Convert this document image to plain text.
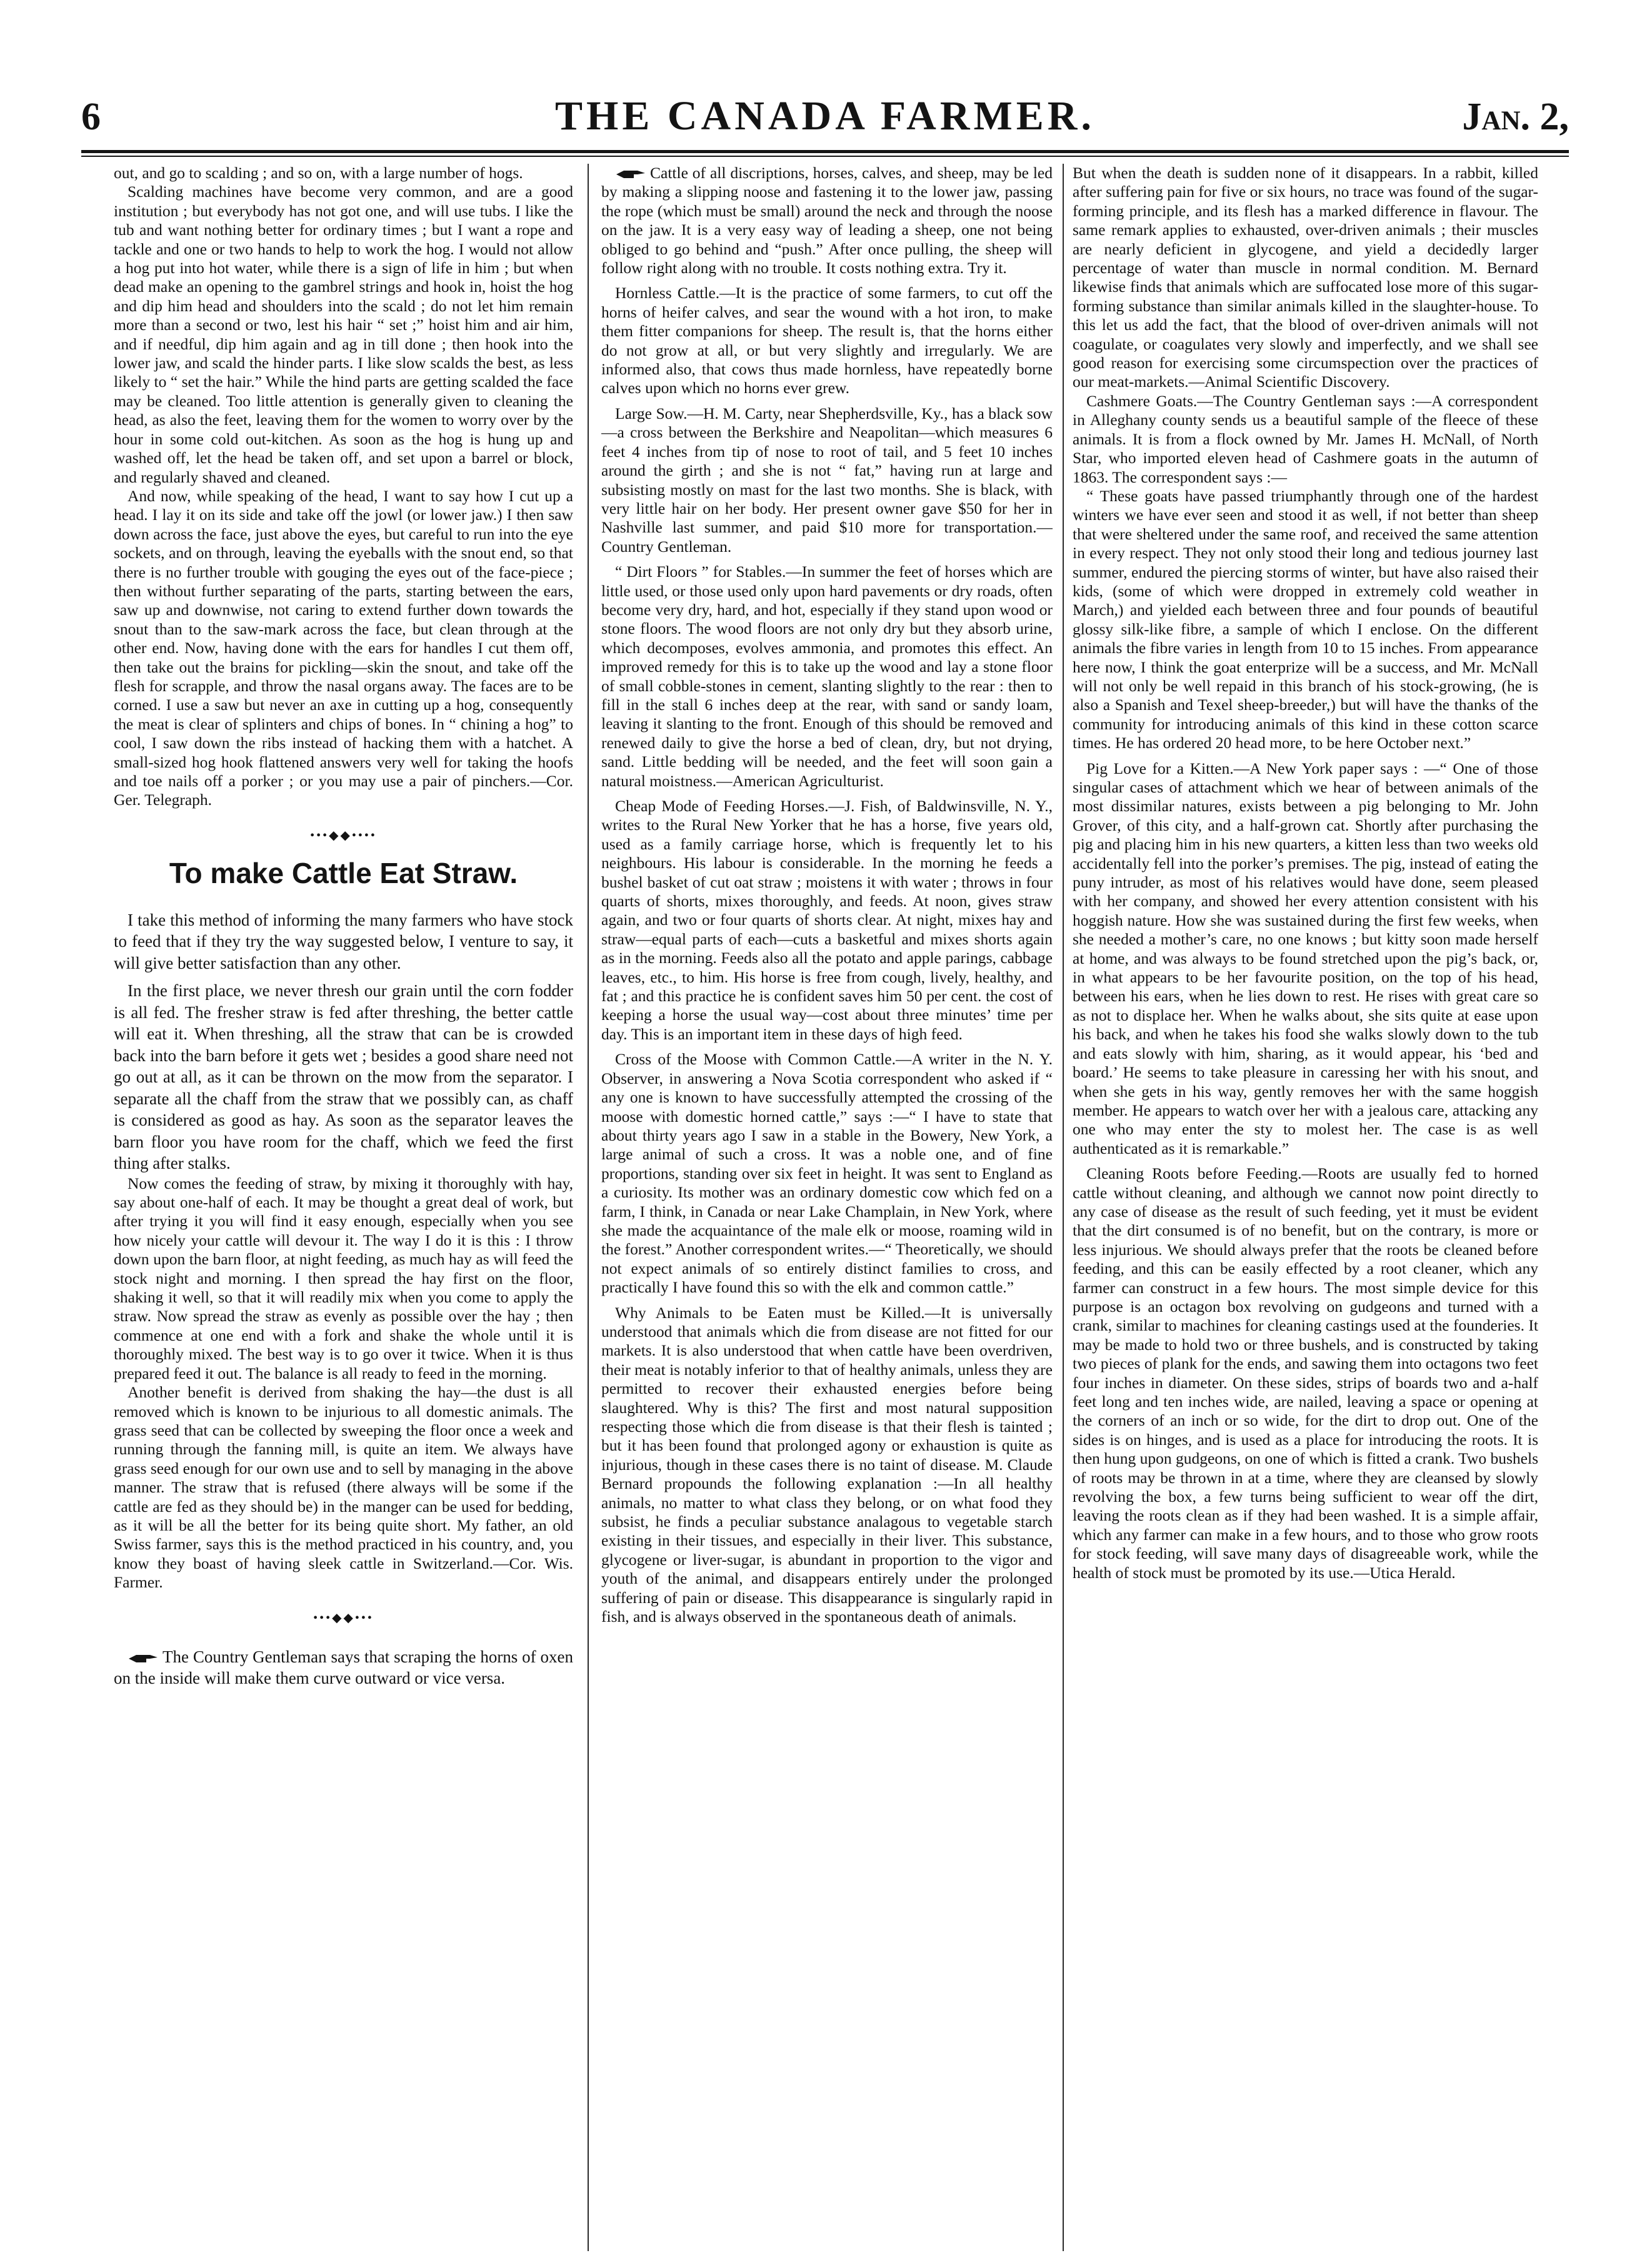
6	THE CANADA FARMER.	Jan. 2,

out, and go to scalding ; and so on, with a large number of hogs.

Scalding machines have become very common, and are a good institution ; but everybody has not got one, and will use tubs. I like the tub and want nothing better for ordinary times ; but I want a rope and tackle and one or two hands to help to work the hog. I would not allow a hog put into hot water, while there is a sign of life in him ; but when dead make an opening to the gambrel strings and hook in, hoist the hog and dip him head and shoulders into the scald ; do not let him remain more than a second or two, lest his hair “ set ;” hoist him and air him, and if needful, dip him again and ag in till done ; then hook into the lower jaw, and scald the hinder parts. I like slow scalds the best, as less likely to “ set the hair.” While the hind parts are getting scalded the face may be cleaned. Too little attention is generally given to cleaning the head, as also the feet, leaving them for the women to worry over by the hour in some cold out-kitchen. As soon as the hog is hung up and washed off, let the head be taken off, and set upon a barrel or block, and regularly shaved and cleaned.

And now, while speaking of the head, I want to say how I cut up a head. I lay it on its side and take off the jowl (or lower jaw.) I then saw down across the face, just above the eyes, but careful to run into the eye sockets, and on through, leaving the eyeballs with the snout end, so that there is no further trouble with gouging the eyes out of the face-piece ; then without further separating of the parts, starting between the ears, saw up and downwise, not caring to extend further down towards the snout than to the saw-mark across the face, but clean through at the other end. Now, having done with the ears for handles I cut them off, then take out the brains for pickling—skin the snout, and take off the flesh for scrapple, and throw the nasal organs away. The faces are to be corned. I use a saw but never an axe in cutting up a hog, consequently the meat is clear of splinters and chips of bones. In “ chining a hog” to cool, I saw down the ribs instead of hacking them with a hatchet. A small-sized hog hook flattened answers very well for taking the hoofs and toe nails off a porker ; or you may use a pair of pinchers.—Cor. Ger. Telegraph.

•••◆◆••••
To make Cattle Eat Straw.

I take this method of informing the many farmers who have stock to feed that if they try the way suggested below, I venture to say, it will give better satisfaction than any other.

In the first place, we never thresh our grain until the corn fodder is all fed. The fresher straw is fed after threshing, the better cattle will eat it. When threshing, all the straw that can be is crowded back into the barn before it gets wet ; besides a good share need not go out at all, as it can be thrown on the mow from the separator. I separate all the chaff from the straw that we possibly can, as chaff is considered as good as hay. As soon as the separator leaves the barn floor you have room for the chaff, which we feed the first thing after stalks.

Now comes the feeding of straw, by mixing it thoroughly with hay, say about one-half of each. It may be thought a great deal of work, but after trying it you will find it easy enough, especially when you see how nicely your cattle will devour it. The way I do it is this : I throw down upon the barn floor, at night feeding, as much hay as will feed the stock night and morning. I then spread the hay first on the floor, shaking it well, so that it will readily mix when you come to apply the straw. Now spread the straw as evenly as possible over the hay ; then commence at one end with a fork and shake the whole until it is thoroughly mixed. The best way is to go over it twice. When it is thus prepared feed it out. The balance is all ready to feed in the morning.

Another benefit is derived from shaking the hay—the dust is all removed which is known to be injurious to all domestic animals. The grass seed that can be collected by sweeping the floor once a week and running through the fanning mill, is quite an item. We always have grass seed enough for our own use and to sell by managing in the above manner. The straw that is refused (there always will be some if the cattle are fed as they should be) in the manger can be used for bedding, as it will be all the better for its being quite short. My father, an old Swiss farmer, says this is the method practiced in his country, and, you know they boast of having sleek cattle in Switzerland.—Cor. Wis. Farmer.

•••◆◆•••

The Country Gentleman says that scraping the horns of oxen on the inside will make them curve outward or vice versa.

Cattle of all discriptions, horses, calves, and sheep, may be led by making a slipping noose and fastening it to the lower jaw, passing the rope (which must be small) around the neck and through the noose on the jaw. It is a very easy way of leading a sheep, one not being obliged to go behind and “push.” After once pulling, the sheep will follow right along with no trouble. It costs nothing extra. Try it.

Hornless Cattle.—It is the practice of some farmers, to cut off the horns of heifer calves, and sear the wound with a hot iron, to make them fitter companions for sheep. The result is, that the horns either do not grow at all, or but very slightly and irregularly. We are informed also, that cows thus made hornless, have repeatedly borne calves upon which no horns ever grew.

Large Sow.—H. M. Carty, near Shepherdsville, Ky., has a black sow—a cross between the Berkshire and Neapolitan—which measures 6 feet 4 inches from tip of nose to root of tail, and 5 feet 10 inches around the girth ; and she is not “ fat,” having run at large and subsisting mostly on mast for the last two months. She is black, with very little hair on her body. Her present owner gave $50 for her in Nashville last summer, and paid $10 more for transportation.—Country Gentleman.

“ Dirt Floors ” for Stables.—In summer the feet of horses which are little used, or those used only upon hard pavements or dry roads, often become very dry, hard, and hot, especially if they stand upon wood or stone floors. The wood floors are not only dry but they absorb urine, which decomposes, evolves ammonia, and promotes this effect. An improved remedy for this is to take up the wood and lay a stone floor of small cobble-stones in cement, slanting slightly to the rear : then to fill in the stall 6 inches deep at the rear, with sand or sandy loam, leaving it slanting to the front. Enough of this should be removed and renewed daily to give the horse a bed of clean, dry, but not drying, sand. Little bedding will be needed, and the feet will soon gain a natural moistness.—American Agriculturist.

Cheap Mode of Feeding Horses.—J. Fish, of Baldwinsville, N. Y., writes to the Rural New Yorker that he has a horse, five years old, used as a family carriage horse, which is frequently let to his neighbours. His labour is considerable. In the morning he feeds a bushel basket of cut oat straw ; moistens it with water ; throws in four quarts of shorts, mixes thoroughly, and feeds. At noon, gives straw again, and two or four quarts of shorts clear. At night, mixes hay and straw—equal parts of each—cuts a basketful and mixes shorts again as in the morning. Feeds also all the potato and apple parings, cabbage leaves, etc., to him. His horse is free from cough, lively, healthy, and fat ; and this practice he is confident saves him 50 per cent. the cost of keeping a horse the usual way—cost about three minutes’ time per day. This is an important item in these days of high feed.

Cross of the Moose with Common Cattle.—A writer in the N. Y. Observer, in answering a Nova Scotia correspondent who asked if “ any one is known to have successfully attempted the crossing of the moose with domestic horned cattle,” says :—“ I have to state that about thirty years ago I saw in a stable in the Bowery, New York, a large animal of such a cross. It was a noble one, and of fine proportions, standing over six feet in height. It was sent to England as a curiosity. Its mother was an ordinary domestic cow which fed on a farm, I think, in Canada or near Lake Champlain, in New York, where she made the acquaintance of the male elk or moose, roaming wild in the forest.” Another correspondent writes.—“ Theoretically, we should not expect animals of so entirely distinct families to cross, and practically I have found this so with the elk and common cattle.”

Why Animals to be Eaten must be Killed.—It is universally understood that animals which die from disease are not fitted for our markets. It is also understood that when cattle have been overdriven, their meat is notably inferior to that of healthy animals, unless they are permitted to recover their exhausted energies before being slaughtered. Why is this? The first and most natural supposition respecting those which die from disease is that their flesh is tainted ; but it has been found that prolonged agony or exhaustion is quite as injurious, though in these cases there is no taint of disease. M. Claude Bernard propounds the following explanation :—In all healthy animals, no matter to what class they belong, or on what food they subsist, he finds a peculiar substance analagous to vegetable starch existing in their tissues, and especially in their liver. This substance, glycogene or liver-sugar, is abundant in proportion to the vigor and youth of the animal, and disappears entirely under the prolonged suffering of pain or disease. This disappearance is singularly rapid in fish, and is always observed in the spontaneous death of animals.

But when the death is sudden none of it disappears. In a rabbit, killed after suffering pain for five or six hours, no trace was found of the sugar-forming principle, and its flesh has a marked difference in flavour. The same remark applies to exhausted, over-driven animals ; their muscles are nearly deficient in glycogene, and yield a decidedly larger percentage of water than muscle in normal condition. M. Bernard likewise finds that animals which are suffocated lose more of this sugar-forming substance than similar animals killed in the slaughter-house. To this let us add the fact, that the blood of over-driven animals will not coagulate, or coagulates very slowly and imperfectly, and we shall see good reason for exercising some circumspection over the practices of our meat-markets.—Animal Scientific Discovery.

Cashmere Goats.—The Country Gentleman says :—A correspondent in Alleghany county sends us a beautiful sample of the fleece of these animals. It is from a flock owned by Mr. James H. McNall, of North Star, who imported eleven head of Cashmere goats in the autumn of 1863. The correspondent says :—

“ These goats have passed triumphantly through one of the hardest winters we have ever seen and stood it as well, if not better than sheep that were sheltered under the same roof, and received the same attention in every respect. They not only stood their long and tedious journey last summer, endured the piercing storms of winter, but have also raised their kids, (some of which were dropped in extremely cold weather in March,) and yielded each between three and four pounds of beautiful glossy silk-like fibre, a sample of which I enclose. On the different animals the fibre varies in length from 10 to 15 inches. From appearance here now, I think the goat enterprize will be a success, and Mr. McNall will not only be well repaid in this branch of his stock-growing, (he is also a Spanish and Texel sheep-breeder,) but will have the thanks of the community for introducing animals of this kind in these cotton scarce times. He has ordered 20 head more, to be here October next.”

Pig Love for a Kitten.—A New York paper says : —“ One of those singular cases of attachment which we hear of between animals of the most dissimilar natures, exists between a pig belonging to Mr. John Grover, of this city, and a half-grown cat. Shortly after purchasing the pig and placing him in his new quarters, a kitten less than two weeks old accidentally fell into the porker’s premises. The pig, instead of eating the puny intruder, as most of his relatives would have done, seem pleased with her company, and showed her every attention consistent with his hoggish nature. How she was sustained during the first few weeks, when she needed a mother’s care, no one knows ; but kitty soon made herself at home, and was always to be found stretched upon the pig’s back, or, in what appears to be her favourite position, on the top of his head, between his ears, when he lies down to rest. He rises with great care so as not to displace her. When he walks about, she sits quite at ease upon his back, and when he takes his food she walks slowly down to the tub and eats slowly with him, sharing, as it would appear, his ‘bed and board.’ He seems to take pleasure in caressing her with his snout, and when she gets in his way, gently removes her with the same hoggish member. He appears to watch over her with a jealous care, attacking any one who may enter the sty to molest her. The case is as well authenticated as it is remarkable.”

Cleaning Roots before Feeding.—Roots are usually fed to horned cattle without cleaning, and although we cannot now point directly to any case of disease as the result of such feeding, yet it must be evident that the dirt consumed is of no benefit, but on the contrary, is more or less injurious. We should always prefer that the roots be cleaned before feeding, and this can be easily effected by a root cleaner, which any farmer can construct in a few hours. The most simple device for this purpose is an octagon box revolving on gudgeons and turned with a crank, similar to machines for cleaning castings used at the founderies. It may be made to hold two or three bushels, and is constructed by taking two pieces of plank for the ends, and sawing them into octagons two feet four inches in diameter. On these sides, strips of boards two and a-half feet long and ten inches wide, are nailed, leaving a space or opening at the corners of an inch or so wide, for the dirt to drop out. One of the sides is on hinges, and is used as a place for introducing the roots. It is then hung upon gudgeons, on one of which is fitted a crank. Two bushels of roots may be thrown in at a time, where they are cleansed by slowly revolving the box, a few turns being sufficient to wear off the dirt, leaving the roots clean as if they had been washed. It is a simple affair, which any farmer can make in a few hours, and to those who grow roots for stock feeding, will save many days of disagreeable work, while the health of stock must be promoted by its use.—Utica Herald.
